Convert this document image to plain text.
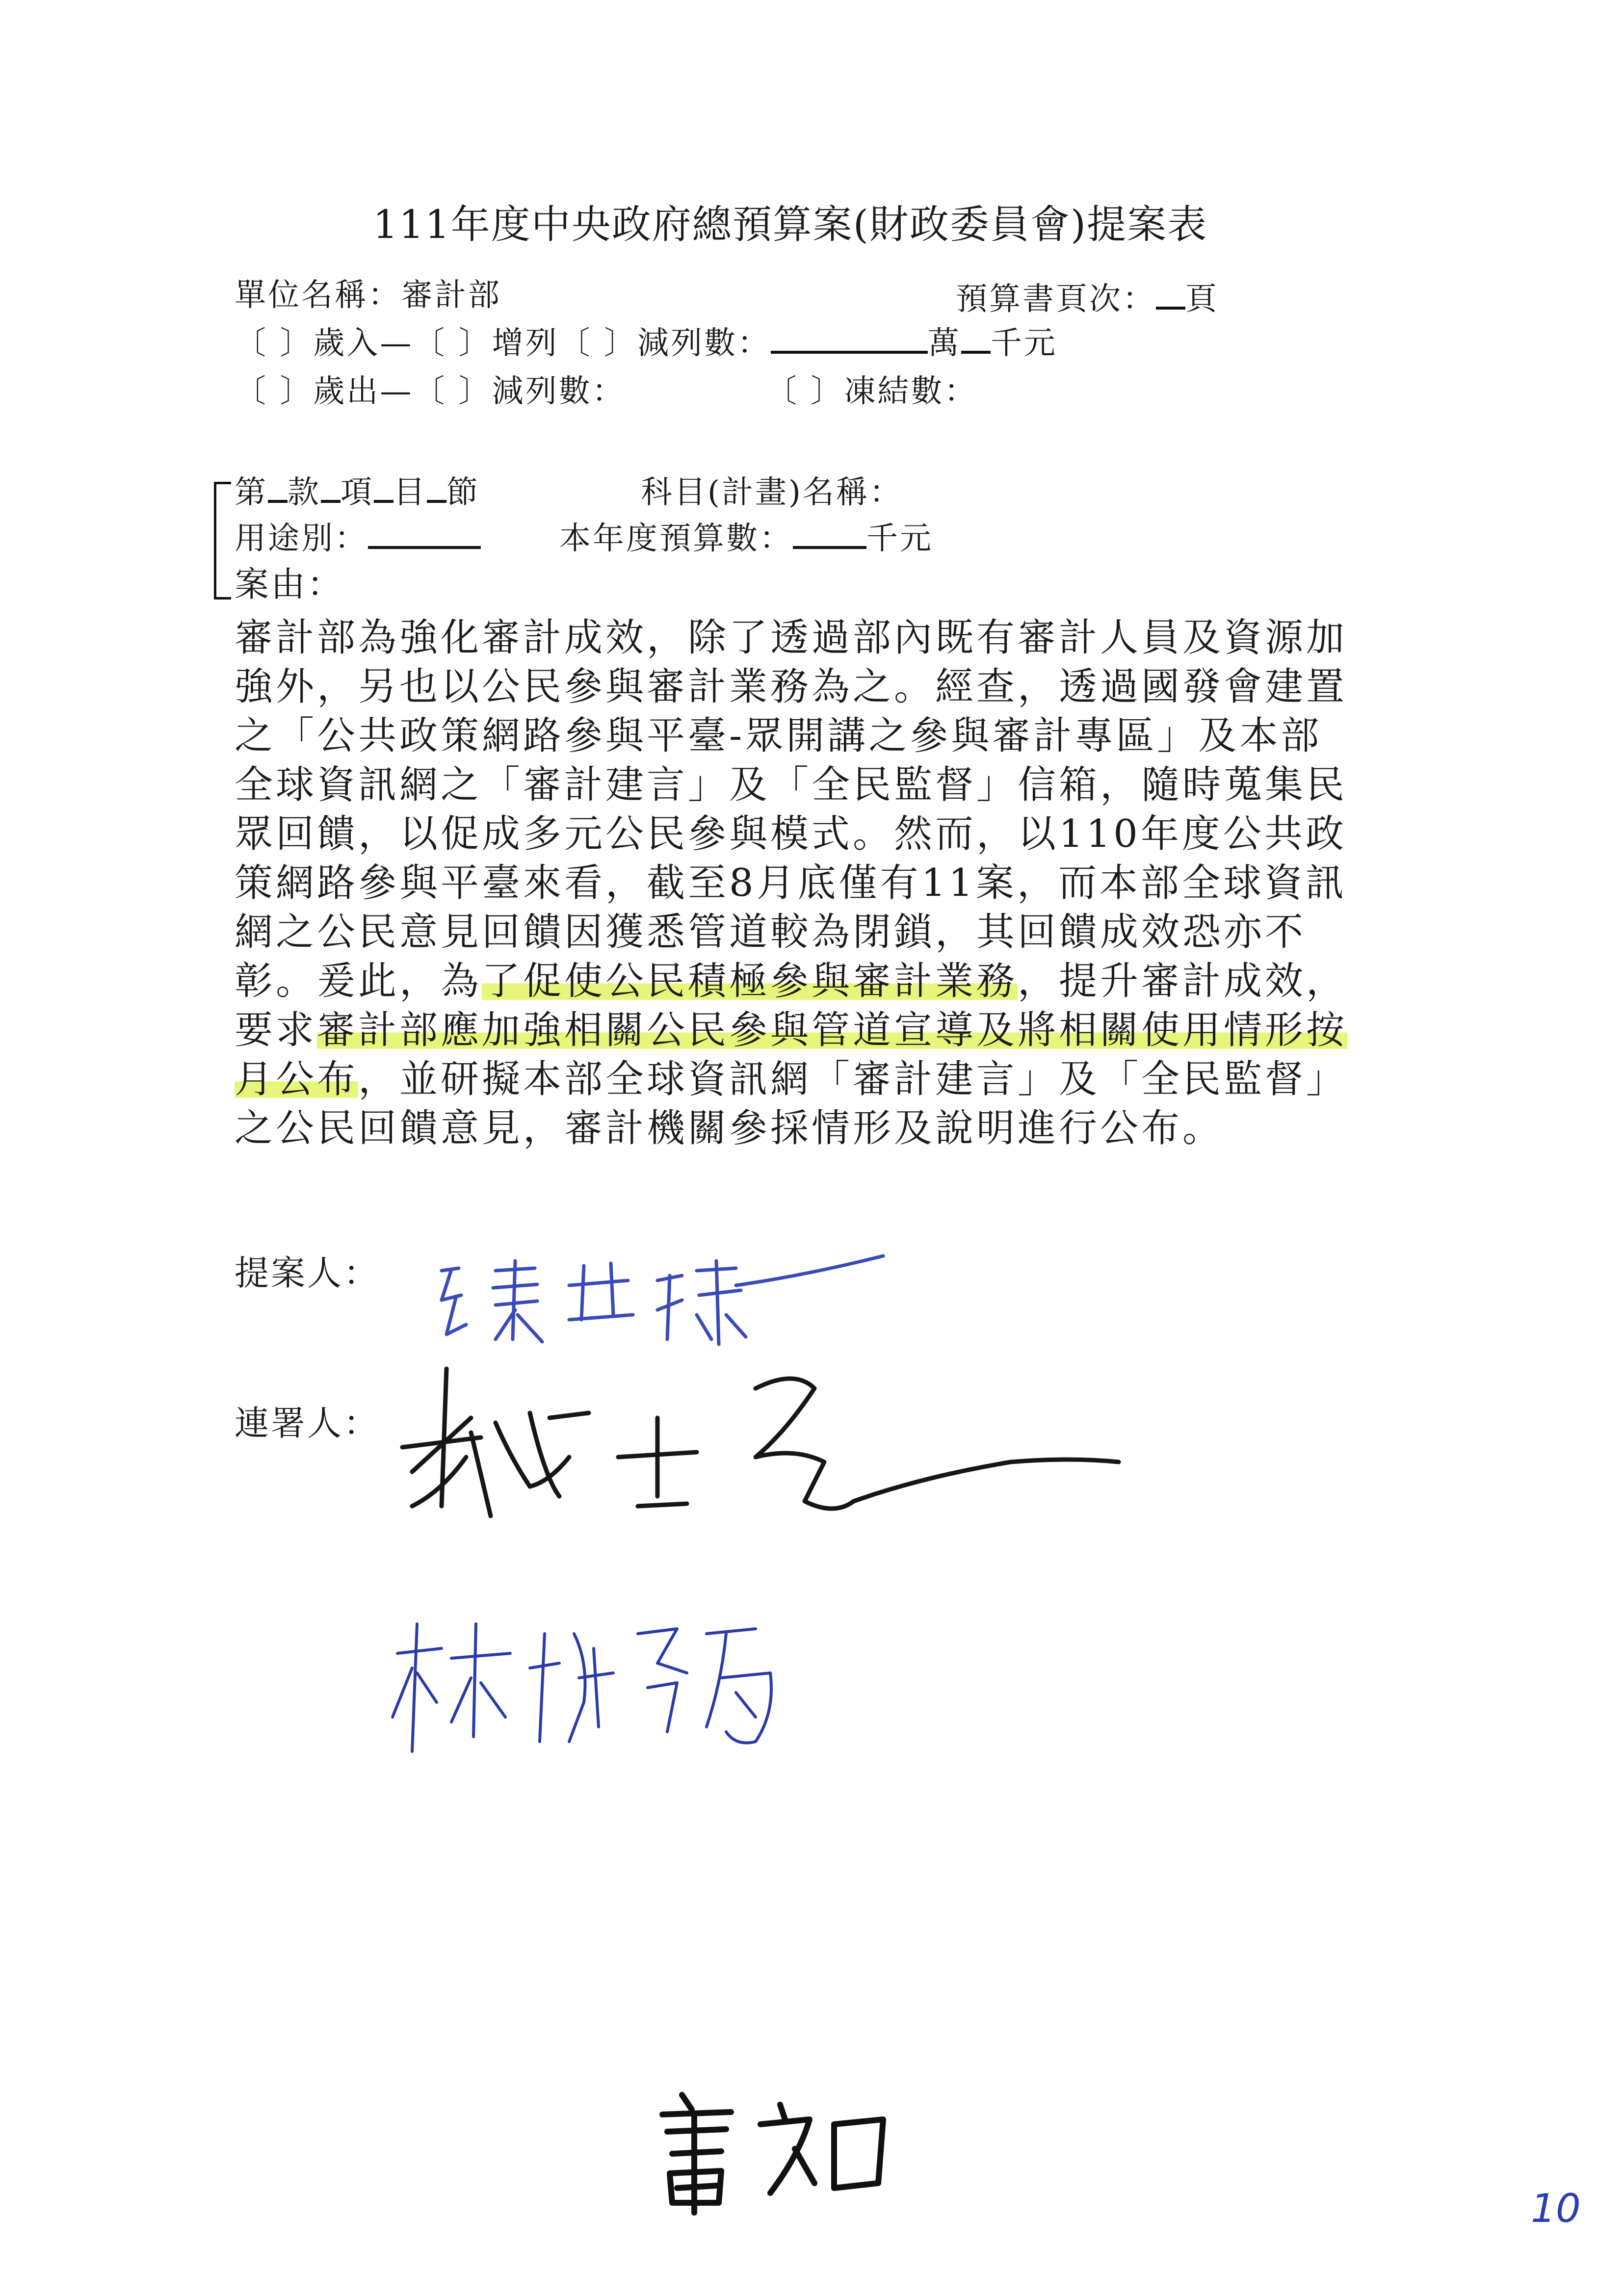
111年度中央政府總預算案(財政委員會)提案表
單位名稱：審計部	預算書頁次： 頁
〔 〕歲入—〔 〕增列〔 〕減列數：	萬 千元
〔 〕歲出—〔 〕減列數：	〔 〕凍結數：
第 款 項 目 節	科目(計畫)名稱：
用途別：	本年度預算數： 千元
案由：
審計部為強化審計成效，除了透過部內既有審計人員及資源加
強外，另也以公民參與審計業務為之。經查，透過國發會建置
之「公共政策網路參與平臺-眾開講之參與審計專區」及本部
全球資訊網之「審計建言」及「全民監督」信箱，隨時蒐集民
眾回饋，以促成多元公民參與模式。然而，以110年度公共政
策網路參與平臺來看，截至8月底僅有11案，而本部全球資訊
網之公民意見回饋因獲悉管道較為閉鎖，其回饋成效恐亦不
彰。爰此，為了促使公民積極參與審計業務，提升審計成效，
要求審計部應加強相關公民參與管道宣導及將相關使用情形按
月公布，並研擬本部全球資訊網「審計建言」及「全民監督」
之公民回饋意見，審計機關參採情形及說明進行公布。
提案人：
連署人：
10
